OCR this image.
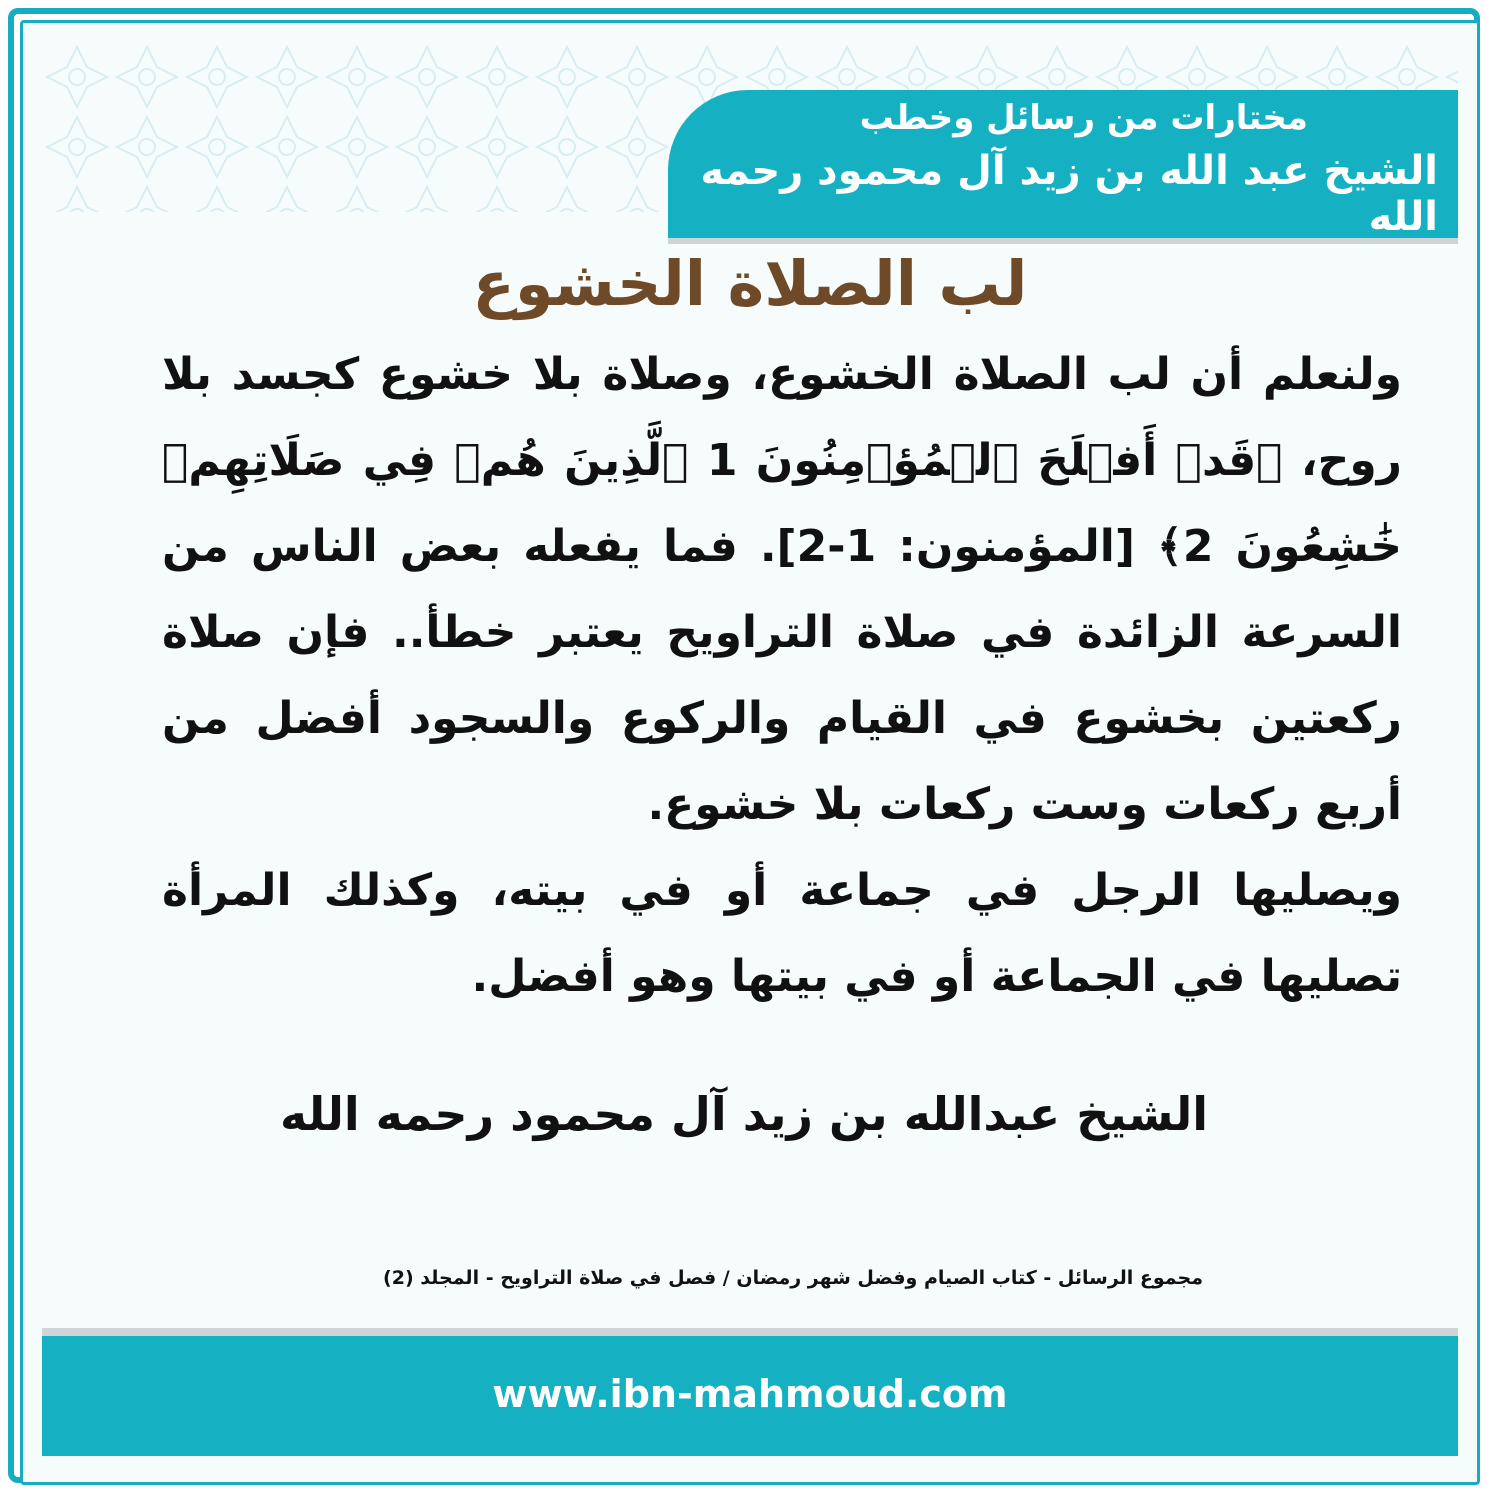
مختارات من رسائل وخطب
الشيخ عبد الله بن زيد آل محمود رحمه الله
لب الصلاة الخشوع

ولنعلم أن لب الصلاة الخشوع، وصلاة بلا خشوع كجسد بلا روح، ﴿قَدۡ أَفۡلَحَ ٱلۡمُؤۡمِنُونَ 1 ٱلَّذِينَ هُمۡ فِي صَلَاتِهِمۡ خَٰشِعُونَ 2﴾ [المؤمنون: 1-2]. فما يفعله بعض الناس من السرعة الزائدة في صلاة التراويح يعتبر خطأ.. فإن صلاة ركعتين بخشوع في القيام والركوع والسجود أفضل من أربع ركعات وست ركعات بلا خشوع.

ويصليها الرجل في جماعة أو في بيته، وكذلك المرأة تصليها في الجماعة أو في بيتها وهو أفضل.

الشيخ عبدالله بن زيد آل محمود رحمه الله
مجموع الرسائل - كتاب الصيام وفضل شهر رمضان / فصل في صلاة التراويح - المجلد (2)
www.ibn-mahmoud.com
